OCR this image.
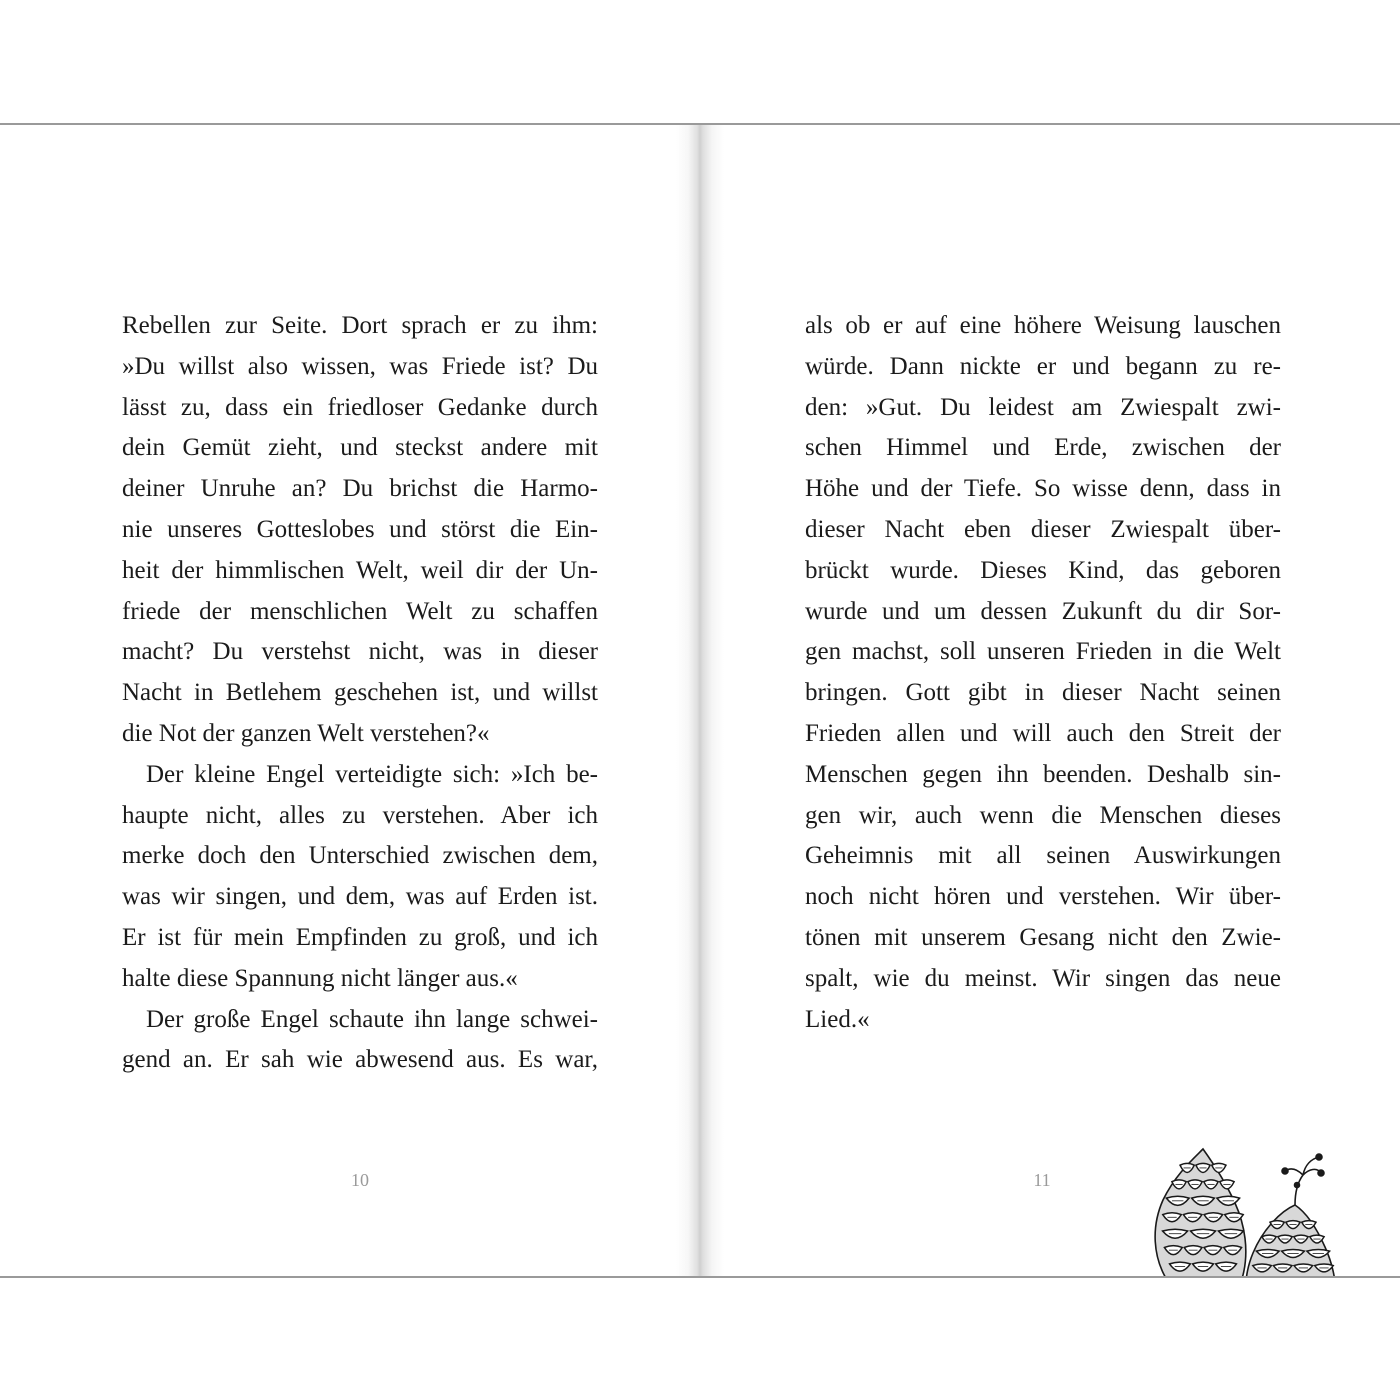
Rebellen zur Seite. Dort sprach er zu ihm:
»Du willst also wissen, was Friede ist? Du
lässt zu, dass ein friedloser Gedanke durch
dein Gemüt zieht, und steckst andere mit
deiner Unruhe an? Du brichst die Harmo-
nie unseres Gotteslobes und störst die Ein-
heit der himmlischen Welt, weil dir der Un-
friede der menschlichen Welt zu schaffen
macht? Du verstehst nicht, was in dieser
Nacht in Betlehem geschehen ist, und willst
die Not der ganzen Welt verstehen?«
Der kleine Engel verteidigte sich: »Ich be-
haupte nicht, alles zu verstehen. Aber ich
merke doch den Unterschied zwischen dem,
was wir singen, und dem, was auf Erden ist.
Er ist für mein Empfinden zu groß, und ich
halte diese Spannung nicht länger aus.«
Der große Engel schaute ihn lange schwei-
gend an. Er sah wie abwesend aus. Es war,
10
als ob er auf eine höhere Weisung lauschen
würde. Dann nickte er und begann zu re-
den: »Gut. Du leidest am Zwiespalt zwi-
schen Himmel und Erde, zwischen der
Höhe und der Tiefe. So wisse denn, dass in
dieser Nacht eben dieser Zwiespalt über-
brückt wurde. Dieses Kind, das geboren
wurde und um dessen Zukunft du dir Sor-
gen machst, soll unseren Frieden in die Welt
bringen. Gott gibt in dieser Nacht seinen
Frieden allen und will auch den Streit der
Menschen gegen ihn beenden. Deshalb sin-
gen wir, auch wenn die Menschen dieses
Geheimnis mit all seinen Auswirkungen
noch nicht hören und verstehen. Wir über-
tönen mit unserem Gesang nicht den Zwie-
spalt, wie du meinst. Wir singen das neue
Lied.«
11
